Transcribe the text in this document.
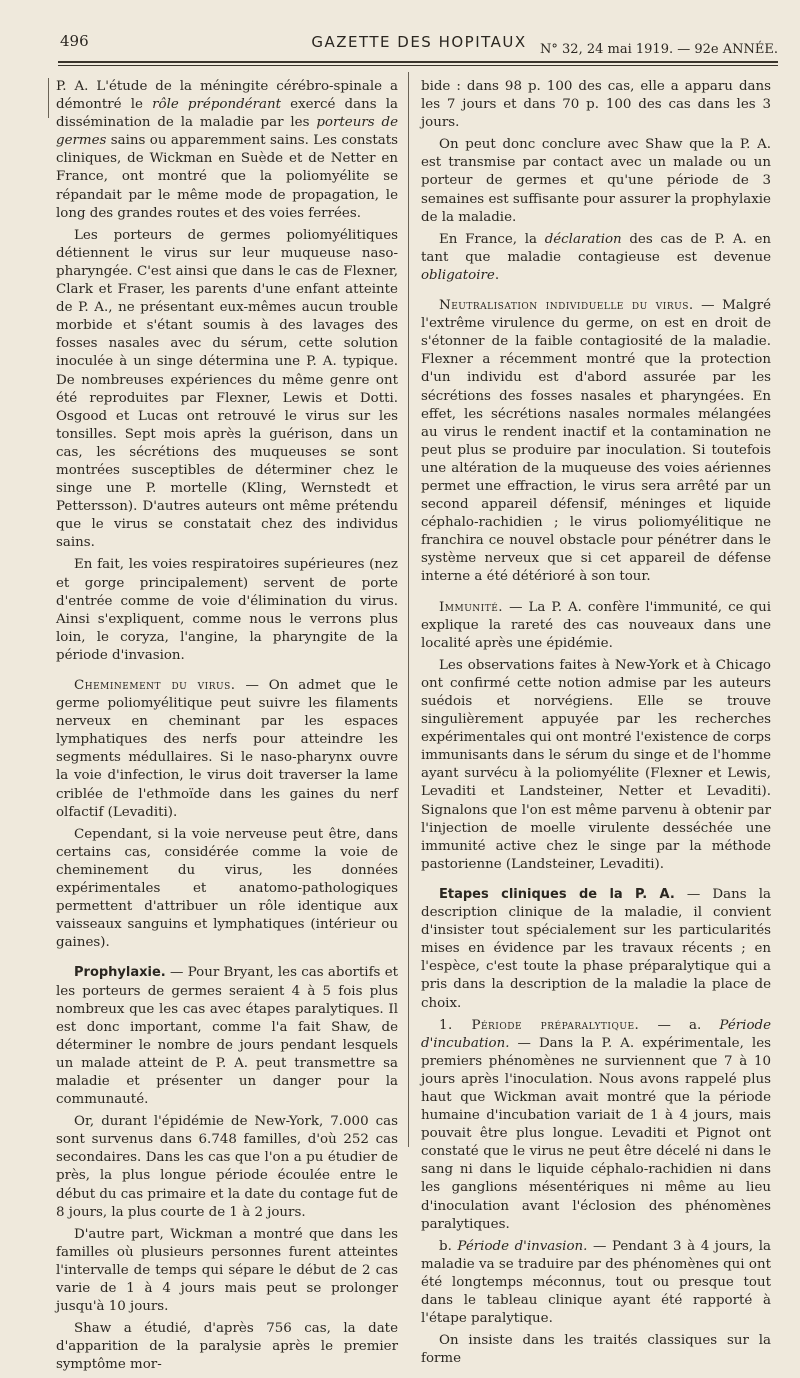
496	GAZETTE DES HOPITAUX	N° 32, 24 mai 1919. — 92e ANNÉE.

P. A. L'étude de la méningite cérébro-spinale a démontré le rôle prépondérant exercé dans la dissémination de la maladie par les porteurs de germes sains ou apparemment sains. Les constats cliniques, de Wickman en Suède et de Netter en France, ont montré que la poliomyélite se répandait par le même mode de propagation, le long des grandes routes et des voies ferrées.

Les porteurs de germes poliomyélitiques détiennent le virus sur leur muqueuse naso-pharyngée. C'est ainsi que dans le cas de Flexner, Clark et Fraser, les parents d'une enfant atteinte de P. A., ne présentant eux-mêmes aucun trouble morbide et s'étant soumis à des lavages des fosses nasales avec du sérum, cette solution inoculée à un singe détermina une P. A. typique. De nombreuses expériences du même genre ont été reproduites par Flexner, Lewis et Dotti. Osgood et Lucas ont retrouvé le virus sur les tonsilles. Sept mois après la guérison, dans un cas, les sécrétions des muqueuses se sont montrées susceptibles de déterminer chez le singe une P. mortelle (Kling, Wernstedt et Pettersson). D'autres auteurs ont même prétendu que le virus se constatait chez des individus sains.

En fait, les voies respiratoires supérieures (nez et gorge principalement) servent de porte d'entrée comme de voie d'élimination du virus. Ainsi s'expliquent, comme nous le verrons plus loin, le coryza, l'angine, la pharyngite de la période d'invasion.

Cheminement du virus. — On admet que le germe poliomyélitique peut suivre les filaments nerveux en cheminant par les espaces lymphatiques des nerfs pour atteindre les segments médullaires. Si le naso-pharynx ouvre la voie d'infection, le virus doit traverser la lame criblée de l'ethmoïde dans les gaines du nerf olfactif (Levaditi).

Cependant, si la voie nerveuse peut être, dans certains cas, considérée comme la voie de cheminement du virus, les données expérimentales et anatomo-pathologiques permettent d'attribuer un rôle identique aux vaisseaux sanguins et lymphatiques (intérieur ou gaines).

Prophylaxie. — Pour Bryant, les cas abortifs et les porteurs de germes seraient 4 à 5 fois plus nombreux que les cas avec étapes paralytiques. Il est donc important, comme l'a fait Shaw, de déterminer le nombre de jours pendant lesquels un malade atteint de P. A. peut transmettre sa maladie et présenter un danger pour la communauté.

Or, durant l'épidémie de New-York, 7.000 cas sont survenus dans 6.748 familles, d'où 252 cas secondaires. Dans les cas que l'on a pu étudier de près, la plus longue période écoulée entre le début du cas primaire et la date du contage fut de 8 jours, la plus courte de 1 à 2 jours.

D'autre part, Wickman a montré que dans les familles où plusieurs personnes furent atteintes l'intervalle de temps qui sépare le début de 2 cas varie de 1 à 4 jours mais peut se prolonger jusqu'à 10 jours.

Shaw a étudié, d'après 756 cas, la date d'apparition de la paralysie après le premier symptôme mor-

bide : dans 98 p. 100 des cas, elle a apparu dans les 7 jours et dans 70 p. 100 des cas dans les 3 jours.

On peut donc conclure avec Shaw que la P. A. est transmise par contact avec un malade ou un porteur de germes et qu'une période de 3 semaines est suffisante pour assurer la prophylaxie de la maladie.

En France, la déclaration des cas de P. A. en tant que maladie contagieuse est devenue obligatoire.

Neutralisation individuelle du virus. — Malgré l'extrême virulence du germe, on est en droit de s'étonner de la faible contagiosité de la maladie. Flexner a récemment montré que la protection d'un individu est d'abord assurée par les sécrétions des fosses nasales et pharyngées. En effet, les sécrétions nasales normales mélangées au virus le rendent inactif et la contamination ne peut plus se produire par inoculation. Si toutefois une altération de la muqueuse des voies aériennes permet une effraction, le virus sera arrêté par un second appareil défensif, méninges et liquide céphalo-rachidien ; le virus poliomyélitique ne franchira ce nouvel obstacle pour pénétrer dans le système nerveux que si cet appareil de défense interne a été détérioré à son tour.

Immunité. — La P. A. confère l'immunité, ce qui explique la rareté des cas nouveaux dans une localité après une épidémie.

Les observations faites à New-York et à Chicago ont confirmé cette notion admise par les auteurs suédois et norvégiens. Elle se trouve singulièrement appuyée par les recherches expérimentales qui ont montré l'existence de corps immunisants dans le sérum du singe et de l'homme ayant survécu à la poliomyélite (Flexner et Lewis, Levaditi et Landsteiner, Netter et Levaditi). Signalons que l'on est même parvenu à obtenir par l'injection de moelle virulente desséchée une immunité active chez le singe par la méthode pastorienne (Landsteiner, Levaditi).

Etapes cliniques de la P. A. — Dans la description clinique de la maladie, il convient d'insister tout spécialement sur les particularités mises en évidence par les travaux récents ; en l'espèce, c'est toute la phase préparalytique qui a pris dans la description de la maladie la place de choix.

1. Période préparalytique. — a. Période d'incubation. — Dans la P. A. expérimentale, les premiers phénomènes ne surviennent que 7 à 10 jours après l'inoculation. Nous avons rappelé plus haut que Wickman avait montré que la période humaine d'incubation variait de 1 à 4 jours, mais pouvait être plus longue. Levaditi et Pignot ont constaté que le virus ne peut être décelé ni dans le sang ni dans le liquide céphalo-rachidien ni dans les ganglions mésentériques ni même au lieu d'inoculation avant l'éclosion des phénomènes paralytiques.

b. Période d'invasion. — Pendant 3 à 4 jours, la maladie va se traduire par des phénomènes qui ont été longtemps méconnus, tout ou presque tout dans le tableau clinique ayant été rapporté à l'étape paralytique.

On insiste dans les traités classiques sur la forme
